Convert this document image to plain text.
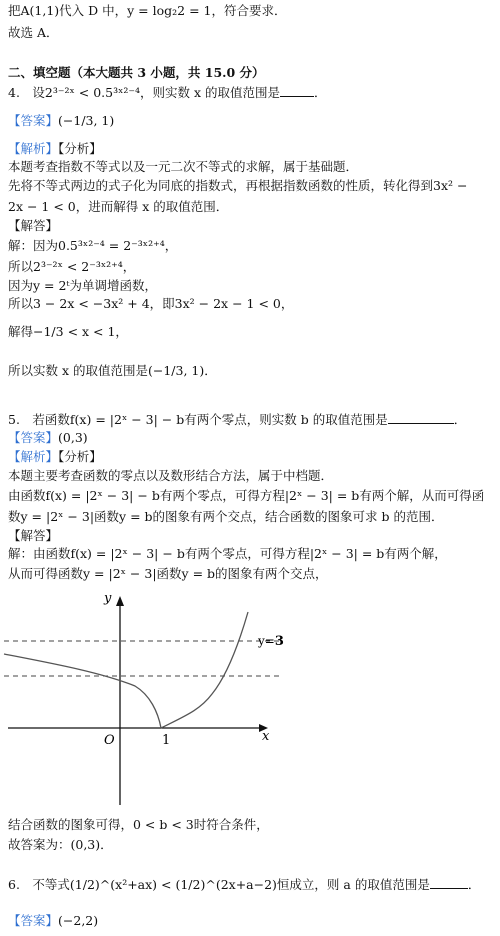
把A(1,1)代入 D 中，y = log₂2 = 1，符合要求．
故选 A．
二、填空题（本大题共 3 小题，共 15.0 分）
4.　设2³⁻²ˣ < 0.5³ˣ²⁻⁴，则实数 x 的取值范围是	．
【答案】(−1/3, 1)
【解析】【分析】
本题考查指数不等式以及一元二次不等式的求解，属于基础题．
先将不等式两边的式子化为同底的指数式，再根据指数函数的性质，转化得到3x² −
2x − 1 < 0，进而解得 x 的取值范围．
【解答】
解：因为0.5³ˣ²⁻⁴ = 2⁻³ˣ²⁺⁴，
所以2³⁻²ˣ < 2⁻³ˣ²⁺⁴，
因为y = 2ᵗ为单调增函数，
所以3 − 2x < −3x² + 4，即3x² − 2x − 1 < 0，
解得−1/3 < x < 1，
所以实数 x 的取值范围是(−1/3, 1)．
5.　若函数f(x) = |2ˣ − 3| − b有两个零点，则实数 b 的取值范围是	．
【答案】(0,3)
【解析】【分析】
本题主要考查函数的零点以及数形结合方法，属于中档题．
由函数f(x) = |2ˣ − 3| − b有两个零点，可得方程|2ˣ − 3| = b有两个解，从而可得函
数y = |2ˣ − 3|函数y = b的图象有两个交点，结合函数的图象可求 b 的范围．
【解答】
解：由函数f(x) = |2ˣ − 3| − b有两个零点，可得方程|2ˣ − 3| = b有两个解，
从而可得函数y = |2ˣ − 3|函数y = b的图象有两个交点，
y
x
O	1
y=3
结合函数的图象可得，0 < b < 3时符合条件，
故答案为：(0,3)．
6.　不等式(1/2)^(x²+ax) < (1/2)^(2x+a−2)恒成立，则 a 的取值范围是	．
【答案】(−2,2)
